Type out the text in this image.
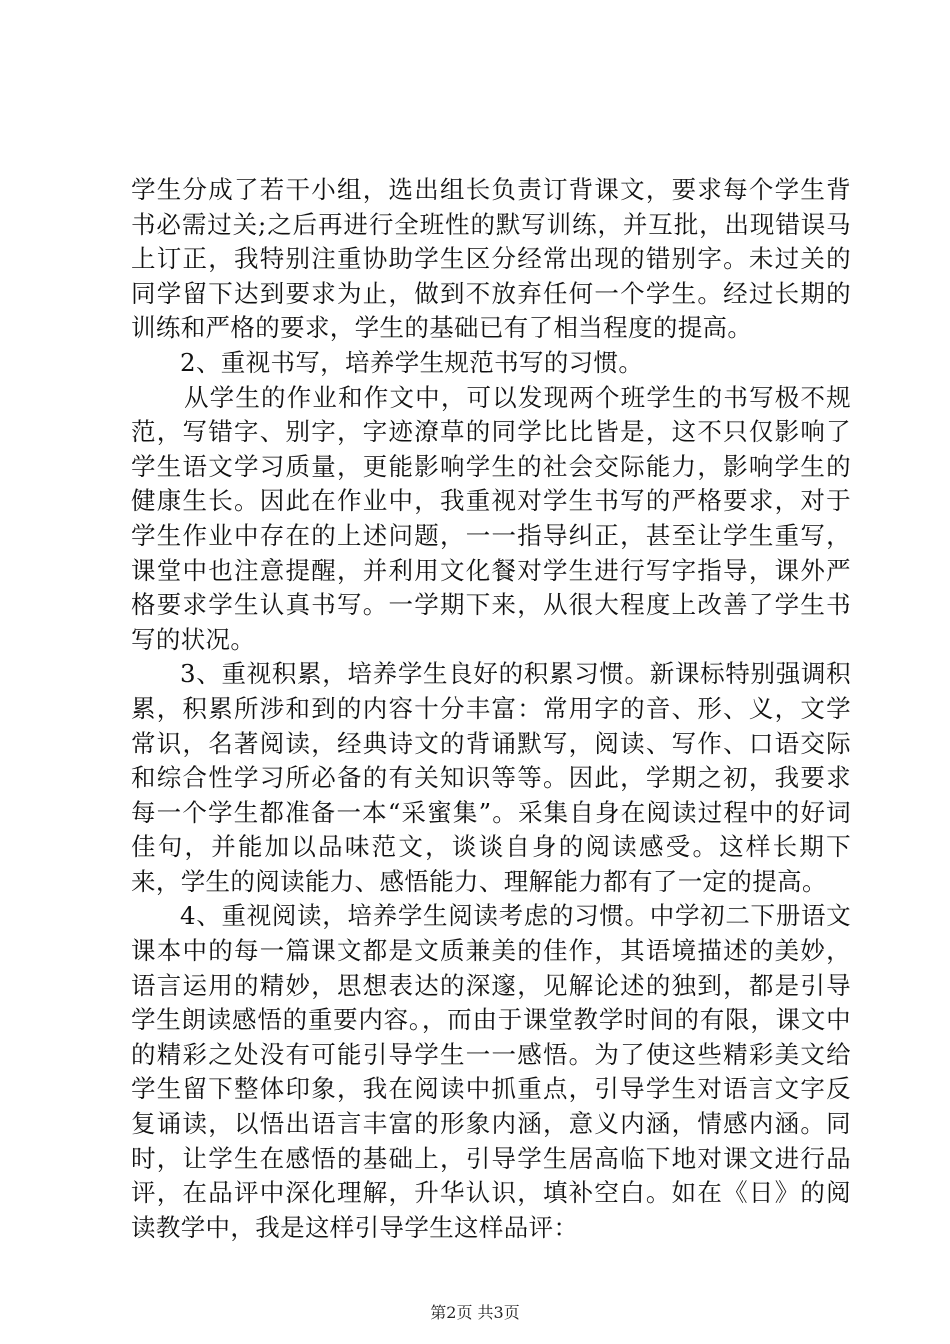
学生分成了若干小组，选出组长负责订背课文，要求每个学生背书必需过关;之后再进行全班性的默写训练，并互批，出现错误马上订正，我特别注重协助学生区分经常出现的错别字。未过关的同学留下达到要求为止，做到不放弃任何一个学生。经过长期的训练和严格的要求，学生的基础已有了相当程度的提高。

2、重视书写，培养学生规范书写的习惯。

从学生的作业和作文中，可以发现两个班学生的书写极不规范，写错字、别字，字迹潦草的同学比比皆是，这不只仅影响了学生语文学习质量，更能影响学生的社会交际能力，影响学生的健康生长。因此在作业中，我重视对学生书写的严格要求，对于学生作业中存在的上述问题，一一指导纠正，甚至让学生重写，课堂中也注意提醒，并利用文化餐对学生进行写字指导，课外严格要求学生认真书写。一学期下来，从很大程度上改善了学生书写的状况。

3、重视积累，培养学生良好的积累习惯。新课标特别强调积累，积累所涉和到的内容十分丰富：常用字的音、形、义，文学常识，名著阅读，经典诗文的背诵默写，阅读、写作、口语交际和综合性学习所必备的有关知识等等。因此，学期之初，我要求每一个学生都准备一本“采蜜集”。采集自身在阅读过程中的好词佳句，并能加以品味范文，谈谈自身的阅读感受。这样长期下来，学生的阅读能力、感悟能力、理解能力都有了一定的提高。

4、重视阅读，培养学生阅读考虑的习惯。中学初二下册语文课本中的每一篇课文都是文质兼美的佳作，其语境描述的美妙，语言运用的精妙，思想表达的深邃，见解论述的独到，都是引导学生朗读感悟的重要内容。，而由于课堂教学时间的有限，课文中的精彩之处没有可能引导学生一一感悟。为了使这些精彩美文给学生留下整体印象，我在阅读中抓重点，引导学生对语言文字反复诵读，以悟出语言丰富的形象内涵，意义内涵，情感内涵。同时，让学生在感悟的基础上，引导学生居高临下地对课文进行品评，在品评中深化理解，升华认识，填补空白。如在《日》的阅读教学中，我是这样引导学生这样品评：

第2页 共3页
